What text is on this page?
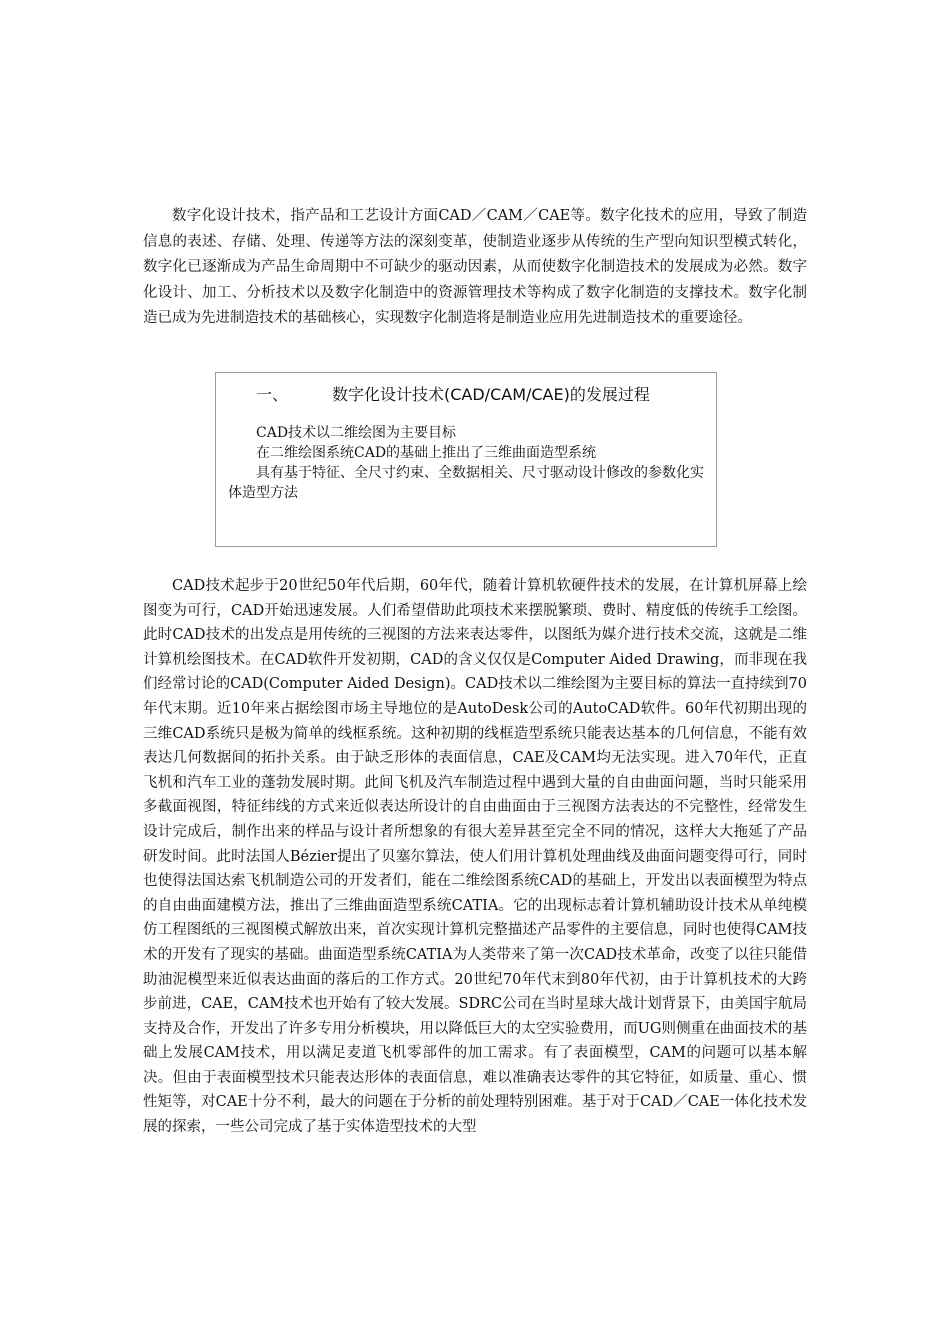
数字化设计技术，指产品和工艺设计方面CAD／CAM／CAE等。数字化技术的应用，导致了制造信息的表述、存储、处理、传递等方法的深刻变革，使制造业逐步从传统的生产型向知识型模式转化，数字化已逐渐成为产品生命周期中不可缺少的驱动因素，从而使数字化制造技术的发展成为必然。数字化设计、加工、分析技术以及数字化制造中的资源管理技术等构成了数字化制造的支撑技术。数字化制造已成为先进制造技术的基础核心，实现数字化制造将是制造业应用先进制造技术的重要途径。

一、	数字化设计技术(CAD/CAM/CAE)的发展过程

CAD技术以二维绘图为主要目标

在二维绘图系统CAD的基础上推出了三维曲面造型系统

具有基于特征、全尺寸约束、全数据相关、尺寸驱动设计修改的参数化实体造型方法

CAD技术起步于20世纪50年代后期，60年代，随着计算机软硬件技术的发展，在计算机屏幕上绘图变为可行，CAD开始迅速发展。人们希望借助此项技术来摆脱繁琐、费时、精度低的传统手工绘图。此时CAD技术的出发点是用传统的三视图的方法来表达零件，以图纸为媒介进行技术交流，这就是二维计算机绘图技术。在CAD软件开发初期，CAD的含义仅仅是Computer Aided Drawing，而非现在我们经常讨论的CAD(Computer Aided Design)。CAD技术以二维绘图为主要目标的算法一直持续到70年代末期。近10年来占据绘图市场主导地位的是AutoDesk公司的AutoCAD软件。60年代初期出现的三维CAD系统只是极为简单的线框系统。这种初期的线框造型系统只能表达基本的几何信息，不能有效表达几何数据间的拓扑关系。由于缺乏形体的表面信息，CAE及CAM均无法实现。进入70年代，正直飞机和汽车工业的蓬勃发展时期。此间飞机及汽车制造过程中遇到大量的自由曲面问题，当时只能采用多截面视图，特征纬线的方式来近似表达所设计的自由曲面由于三视图方法表达的不完整性，经常发生设计完成后，制作出来的样品与设计者所想象的有很大差异甚至完全不同的情况，这样大大拖延了产品研发时间。此时法国人Bézier提出了贝塞尔算法，使人们用计算机处理曲线及曲面问题变得可行，同时也使得法国达索飞机制造公司的开发者们，能在二维绘图系统CAD的基础上，开发出以表面模型为特点的自由曲面建模方法，推出了三维曲面造型系统CATIA。它的出现标志着计算机辅助设计技术从单纯模仿工程图纸的三视图模式解放出来，首次实现计算机完整描述产品零件的主要信息，同时也使得CAM技术的开发有了现实的基础。曲面造型系统CATIA为人类带来了第一次CAD技术革命，改变了以往只能借助油泥模型来近似表达曲面的落后的工作方式。20世纪70年代末到80年代初，由于计算机技术的大跨步前进，CAE，CAM技术也开始有了较大发展。SDRC公司在当时星球大战计划背景下，由美国宇航局支持及合作，开发出了许多专用分析模块，用以降低巨大的太空实验费用，而UG则侧重在曲面技术的基础上发展CAM技术，用以满足麦道飞机零部件的加工需求。有了表面模型，CAM的问题可以基本解决。但由于表面模型技术只能表达形体的表面信息，难以准确表达零件的其它特征，如质量、重心、惯性矩等，对CAE十分不利，最大的问题在于分析的前处理特别困难。基于对于CAD／CAE一体化技术发展的探索，一些公司完成了基于实体造型技术的大型
